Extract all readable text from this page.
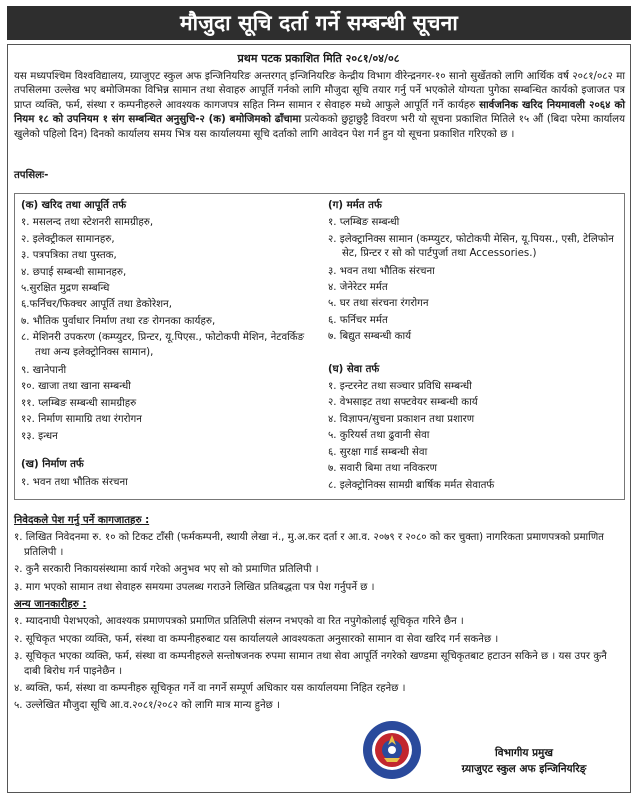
मौजुदा सूचि दर्ता गर्ने सम्बन्धी सूचना
प्रथम पटक प्रकाशित मिति २०८१/०४/०८
यस मध्यपश्चिम विश्वविद्यालय, ग्र्याजुएट स्कुल अफ इन्जिनियरिङ अन्तरगत् इन्जिनियरिङ केन्द्रीय विभाग वीरेन्द्रनगर-१० सानो सुर्खेतको लागि आर्थिक वर्ष २०८१/०८२ मा तपसिलमा उल्लेख भए बमोजिमका विभिन्न सामान तथा सेवाहरु आपूर्ति गर्नको लागि मौजुदा सूचि तयार गर्नु पर्ने भएकोले योग्यता पुगेका सम्बन्धित कार्यको इजाजत पत्र प्राप्त व्यक्ति, फर्म, संस्था र कम्पनीहरुले आवश्यक कागजपत्र सहित निम्न सामान र सेवाहरु मध्ये आफुले आपूर्ति गर्ने कार्यहरु सार्वजनिक खरिद नियमावली २०६४ को नियम १८ को उपनियम १ संग सम्बन्धित अनुसुचि-२ (क) बमोजिमको ढाँचामा प्रत्येकको छुट्टाछुट्टै विवरण भरी यो सूचना प्रकाशित मितिले १५ औं (बिदा परेमा कार्यालय खुलेको पहिलो दिन) दिनको कार्यालय समय भित्र यस कार्यालयमा सूचि दर्ताको लागि आवेदन पेश गर्न हुन यो सूचना प्रकाशित गरिएको छ ।
तपसिलः-
(क) खरिद तथा आपूर्ति तर्फ
१. मसलन्द तथा स्टेशनरी सामग्रीहरु,
२. इलेक्ट्रीकल सामानहरु,
३. पत्रपत्रिका तथा पुस्तक,
४. छपाई सम्बन्धी सामानहरु,
५.सुरक्षित मुद्रण सम्बन्धि
६.फर्निचर/फिक्चर आपूर्ति तथा डेकोरेशन,
७. भौतिक पुर्वाधार निर्माण तथा रङ रोगनका कार्यहरु,
८. मेशिनरी उपकरण (कम्प्युटर, प्रिन्टर, यू.पिएस., फोटोकपी मेशिन, नेटवर्किङ तथा अन्य इलेक्ट्रोनिक्स सामान),
९. खानेपानी
१०. खाजा तथा खाना सम्बन्धी
११. प्लम्बिङ सम्बन्धी सामग्रीहरु
१२. निर्माण सामाग्रि तथा रंगरोगन
१३. इन्धन
(ख) निर्माण तर्फ
१. भवन तथा भौतिक संरचना
(ग) मर्मत तर्फ
१. प्लम्बिङ सम्बन्धी
२. इलेक्ट्रानिक्स सामान (कम्प्युटर, फोटोकपी मेसिन, यू.पियस., एसी, टेलिफोन सेट, प्रिन्टर र सो को पार्टपुर्जा तथा Accessories.)
३. भवन तथा भौतिक संरचना
४. जेनेरेटर मर्मत
५. घर तथा संरचना रंगरोगन
६. फर्निचर मर्मत
७. बिद्युत सम्बन्धी कार्य
(घ) सेवा तर्फ
१. इन्टरनेट तथा सञ्चार प्रविधि सम्बन्धी
२. वेभसाइट तथा सफ्टवेयर सम्बन्धी कार्य
४. विज्ञापन/सुचना प्रकाशन तथा प्रशारण
५. कुरियर्स तथा ढुवानी सेवा
६. सुरक्षा गार्ड सम्बन्धी सेवा
७. सवारी बिमा तथा नविकरण
८. इलेक्ट्रोनिक्स सामग्री बार्षिक मर्मत सेवातर्फ
निवेदकले पेश गर्नु पर्ने कागजातहरु :
१. लिखित निवेदनमा रु. १० को टिकट टाँसी (फर्मकम्पनी, स्थायी लेखा नं., मु.अ.कर दर्ता र आ.व. २०७९ र २०८० को कर चुक्ता) नागरिकता प्रमाणपत्रको प्रमाणित प्रतिलिपी ।
२. कुनै सरकारी निकायसंस्थामा कार्य गरेको अनुभव भए सो को प्रमाणित प्रतिलिपी ।
३. माग भएको सामान तथा सेवाहरु समयमा उपलब्ध गराउने लिखित प्रतिबद्धता पत्र पेश गर्नुपर्ने छ ।
अन्य जानकारीहरु :
१. म्यादनाघी पेशभएको, आवश्यक प्रमाणपत्रको प्रमाणित प्रतिलिपी संलग्न नभएको वा रित नपुगेकोलाई सूचिकृत गरिने छैन ।
२. सूचिकृत भएका व्यक्ति, फर्म, संस्था वा कम्पनीहरुबाट यस कार्यालयले आवश्यकता अनुसारको सामान वा सेवा खरिद गर्न सकनेछ ।
३. सूचिकृत भएका व्यक्ति, फर्म, संस्था वा कम्पनीहरुले सन्तोषजनक रुपमा सामान तथा सेवा आपूर्ति नगरेको खण्डमा सूचिकृतबाट हटाउन सकिने छ । यस उपर कुनै दाबी बिरोध गर्न पाइनेछैन ।
४. ब्यक्ति, फर्म, संस्था वा कम्पनीहरु सूचिकृत गर्ने वा नगर्ने सम्पूर्ण अधिकार यस कार्यालयमा निहित रहनेछ ।
५. उल्लेखित मौजुदा सूचि आ.व.२०८१/२०८२ को लागि मात्र मान्य हुनेछ ।
विभागीय प्रमुख
ग्र्याजुएट स्कुल अफ इन्जिनियरिङ्
